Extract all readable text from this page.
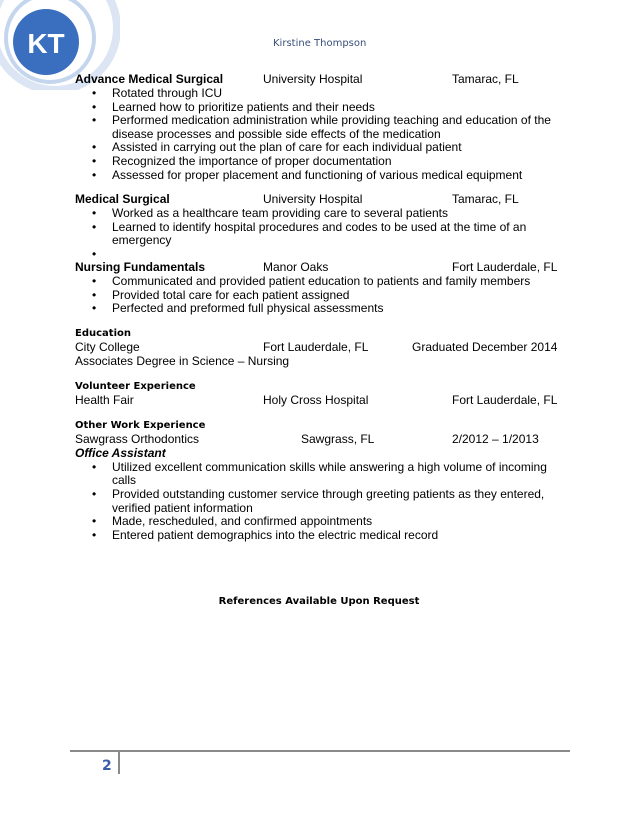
KT	Kirstine Thompson
Advance Medical Surgical	University Hospital	Tamarac, FL
• Rotated through ICU
• Learned how to prioritize patients and their needs
• Performed medication administration while providing teaching and education of the disease processes and possible side effects of the medication
• Assisted in carrying out the plan of care for each individual patient
• Recognized the importance of proper documentation
• Assessed for proper placement and functioning of various medical equipment
Medical Surgical	University Hospital	Tamarac, FL
• Worked as a healthcare team providing care to several patients
• Learned to identify hospital procedures and codes to be used at the time of an emergency
•
Nursing Fundamentals	Manor Oaks	Fort Lauderdale, FL
• Communicated and provided patient education to patients and family members
• Provided total care for each patient assigned
• Perfected and preformed full physical assessments
Education
City College	Fort Lauderdale, FL	Graduated December 2014
Associates Degree in Science – Nursing
Volunteer Experience
Health Fair	Holy Cross Hospital	Fort Lauderdale, FL
Other Work Experience
Sawgrass Orthodontics	Sawgrass, FL	2/2012 – 1/2013
Office Assistant
• Utilized excellent communication skills while answering a high volume of incoming calls
• Provided outstanding customer service through greeting patients as they entered, verified patient information
• Made, rescheduled, and confirmed appointments
• Entered patient demographics into the electric medical record
References Available Upon Request
2
